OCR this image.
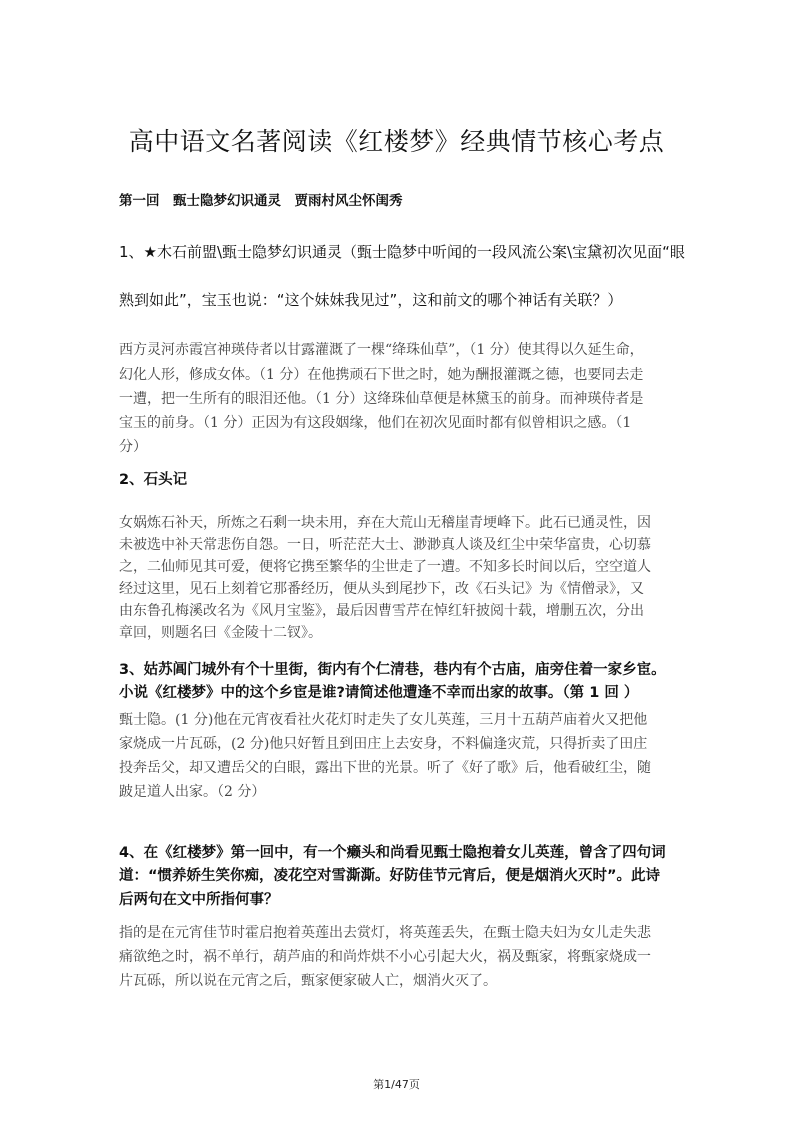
高中语文名著阅读《红楼梦》经典情节核心考点
第一回　甄士隐梦幻识通灵　贾雨村风尘怀闺秀
1、★木石前盟\甄士隐梦幻识通灵（甄士隐梦中听闻的一段风流公案\宝黛初次见面“眼
熟到如此”，宝玉也说：“这个妹妹我见过”，这和前文的哪个神话有关联？）
西方灵河赤霞宫神瑛侍者以甘露灌溉了一棵“绛珠仙草”，（1 分）使其得以久延生命，
幻化人形，修成女体。（1 分）在他携顽石下世之时，她为酬报灌溉之德，也要同去走
一遭，把一生所有的眼泪还他。（1 分）这绛珠仙草便是林黛玉的前身。而神瑛侍者是
宝玉的前身。（1 分）正因为有这段姻缘，他们在初次见面时都有似曾相识之感。（1
分）
2、石头记
女娲炼石补天，所炼之石剩一块未用，弃在大荒山无稽崖青埂峰下。此石已通灵性，因
未被选中补天常悲伤自怨。一日，听茫茫大士、渺渺真人谈及红尘中荣华富贵，心切慕
之，二仙师见其可爱，便将它携至繁华的尘世走了一遭。不知多长时间以后，空空道人
经过这里，见石上刻着它那番经历，便从头到尾抄下，改《石头记》为《情僧录》，又
由东鲁孔梅溪改名为《风月宝鉴》，最后因曹雪芹在悼红轩披阅十载，增删五次，分出
章回，则题名曰《金陵十二钗》。
3、姑苏阊门城外有个十里街，街内有个仁清巷，巷内有个古庙，庙旁住着一家乡宦。
小说《红楼梦》中的这个乡宦是谁?请简述他遭逢不幸而出家的故事。（第 1 回 ）
甄士隐。(1 分)他在元宵夜看社火花灯时走失了女儿英莲，三月十五葫芦庙着火又把他
家烧成一片瓦砾，(2 分)他只好暂且到田庄上去安身，不料偏逢灾荒，只得折卖了田庄
投奔岳父，却又遭岳父的白眼，露出下世的光景。听了《好了歌》后，他看破红尘，随
跛足道人出家。（2 分）
4、在《红楼梦》第一回中，有一个癞头和尚看见甄士隐抱着女儿英莲，曾含了四句词
道：“惯养娇生笑你痴，凌花空对雪澌澌。好防佳节元宵后，便是烟消火灭时”。此诗
后两句在文中所指何事？
指的是在元宵佳节时霍启抱着英莲出去赏灯，将英莲丢失，在甄士隐夫妇为女儿走失悲
痛欲绝之时，祸不单行，葫芦庙的和尚炸烘不小心引起大火，祸及甄家，将甄家烧成一
片瓦砾，所以说在元宵之后，甄家便家破人亡，烟消火灭了。
第1/47页
